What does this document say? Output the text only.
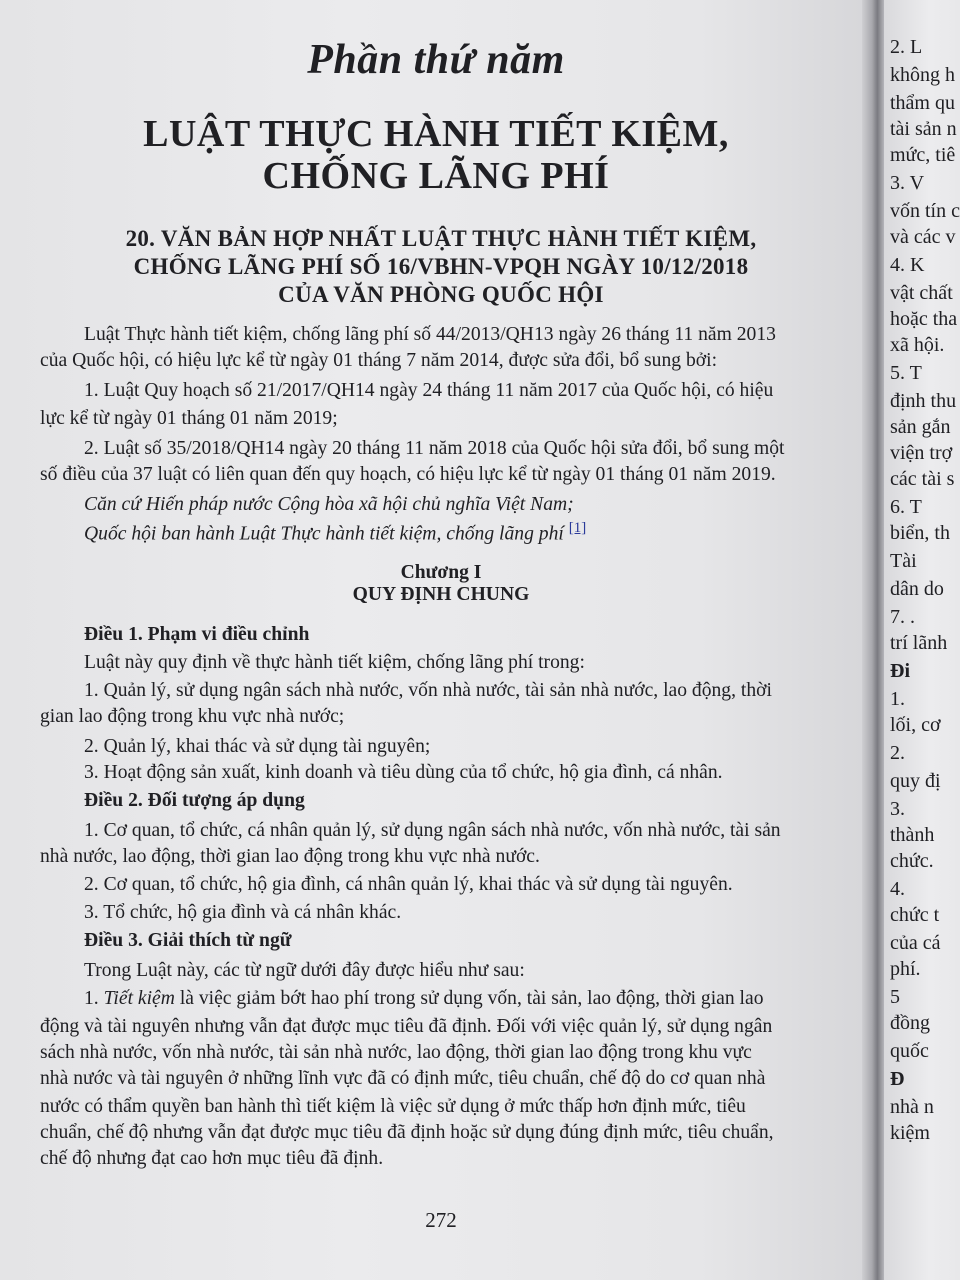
Phần thứ năm
LUẬT THỰC HÀNH TIẾT KIỆM,
CHỐNG LÃNG PHÍ
20. VĂN BẢN HỢP NHẤT LUẬT THỰC HÀNH TIẾT KIỆM,
CHỐNG LÃNG PHÍ SỐ 16/VBHN-VPQH NGÀY 10/12/2018
CỦA VĂN PHÒNG QUỐC HỘI
Luật Thực hành tiết kiệm, chống lãng phí số 44/2013/QH13 ngày 26 tháng 11 năm 2013
của Quốc hội, có hiệu lực kể từ ngày 01 tháng 7 năm 2014, được sửa đổi, bổ sung bởi:
1. Luật Quy hoạch số 21/2017/QH14 ngày 24 tháng 11 năm 2017 của Quốc hội, có hiệu
lực kể từ ngày 01 tháng 01 năm 2019;
2. Luật số 35/2018/QH14 ngày 20 tháng 11 năm 2018 của Quốc hội sửa đổi, bổ sung một
số điều của 37 luật có liên quan đến quy hoạch, có hiệu lực kể từ ngày 01 tháng 01 năm 2019.
Căn cứ Hiến pháp nước Cộng hòa xã hội chủ nghĩa Việt Nam;
Quốc hội ban hành Luật Thực hành tiết kiệm, chống lãng phí [1]
Chương I
QUY ĐỊNH CHUNG
Điều 1. Phạm vi điều chỉnh
Luật này quy định về thực hành tiết kiệm, chống lãng phí trong:
1. Quản lý, sử dụng ngân sách nhà nước, vốn nhà nước, tài sản nhà nước, lao động, thời
gian lao động trong khu vực nhà nước;
2. Quản lý, khai thác và sử dụng tài nguyên;
3. Hoạt động sản xuất, kinh doanh và tiêu dùng của tổ chức, hộ gia đình, cá nhân.
Điều 2. Đối tượng áp dụng
1. Cơ quan, tổ chức, cá nhân quản lý, sử dụng ngân sách nhà nước, vốn nhà nước, tài sản
nhà nước, lao động, thời gian lao động trong khu vực nhà nước.
2. Cơ quan, tổ chức, hộ gia đình, cá nhân quản lý, khai thác và sử dụng tài nguyên.
3. Tổ chức, hộ gia đình và cá nhân khác.
Điều 3. Giải thích từ ngữ
Trong Luật này, các từ ngữ dưới đây được hiểu như sau:
1. Tiết kiệm là việc giảm bớt hao phí trong sử dụng vốn, tài sản, lao động, thời gian lao
động và tài nguyên nhưng vẫn đạt được mục tiêu đã định. Đối với việc quản lý, sử dụng ngân
sách nhà nước, vốn nhà nước, tài sản nhà nước, lao động, thời gian lao động trong khu vực
nhà nước và tài nguyên ở những lĩnh vực đã có định mức, tiêu chuẩn, chế độ do cơ quan nhà
nước có thẩm quyền ban hành thì tiết kiệm là việc sử dụng ở mức thấp hơn định mức, tiêu
chuẩn, chế độ nhưng vẫn đạt được mục tiêu đã định hoặc sử dụng đúng định mức, tiêu chuẩn,
chế độ nhưng đạt cao hơn mục tiêu đã định.
272
2. L
không h
thẩm qu
tài sản n
mức, tiê
3. V
vốn tín c
và các v
4. K
vật chất
hoặc tha
xã hội.
5. T
định thu
sản gắn
viện trợ
các tài s
6. T
biển, th
Tài
dân do
7. .
trí lãnh
Đi
1.
lối, cơ
2.
quy đị
3.
thành
chức.
4.
chức t
của cá
phí.
5
đồng
quốc
Đ
nhà n
kiệm
